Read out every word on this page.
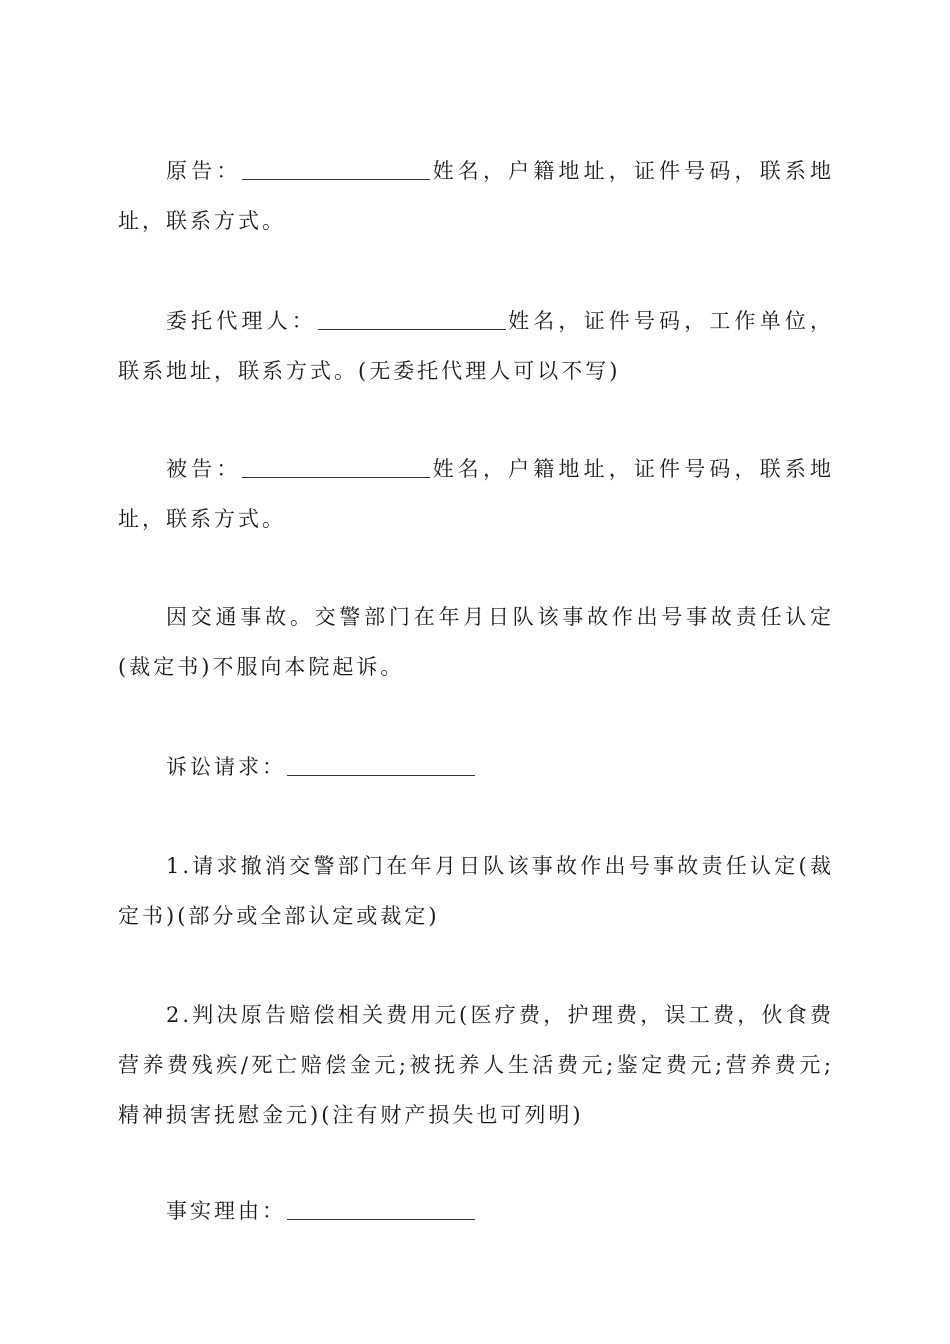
原告：	姓名，户籍地址，证件号码，联系地址，联系方式。

委托代理人：	姓名，证件号码，工作单位，联系地址，联系方式。(无委托代理人可以不写)

被告：	姓名，户籍地址，证件号码，联系地址，联系方式。

因交通事故。交警部门在年月日队该事故作出号事故责任认定(裁定书)不服向本院起诉。

诉讼请求：

1.请求撤消交警部门在年月日队该事故作出号事故责任认定(裁定书)(部分或全部认定或裁定)

2.判决原告赔偿相关费用元(医疗费，护理费，误工费，伙食费营养费残疾/死亡赔偿金元;被抚养人生活费元;鉴定费元;营养费元;精神损害抚慰金元)(注有财产损失也可列明)

事实理由：
